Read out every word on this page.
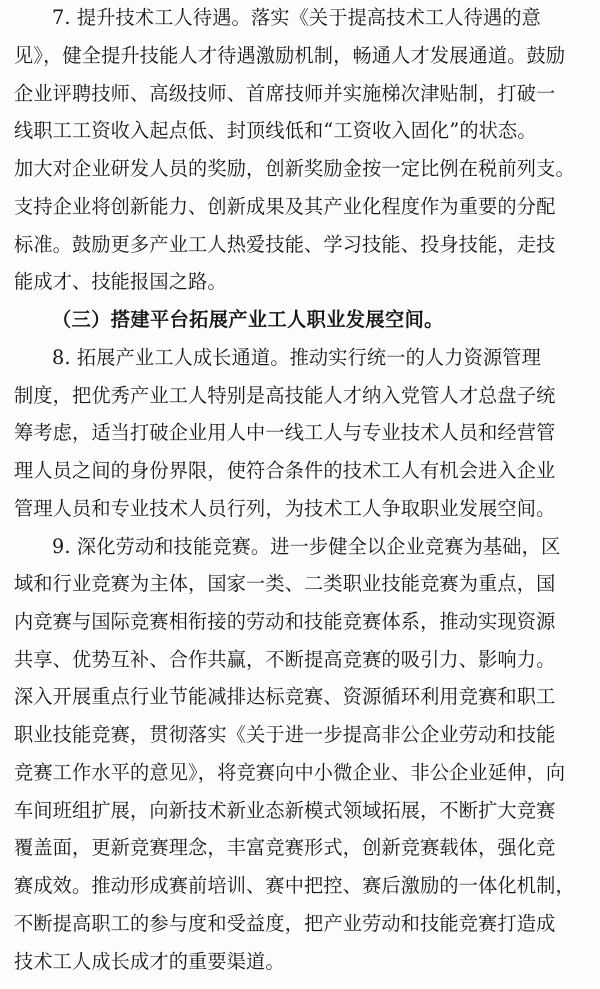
7. 提升技术工人待遇。落实《关于提高技术工人待遇的意
见》，健全提升技能人才待遇激励机制，畅通人才发展通道。鼓励
企业评聘技师、高级技师、首席技师并实施梯次津贴制，打破一
线职工工资收入起点低、封顶线低和“工资收入固化”的状态。
加大对企业研发人员的奖励，创新奖励金按一定比例在税前列支。
支持企业将创新能力、创新成果及其产业化程度作为重要的分配
标准。鼓励更多产业工人热爱技能、学习技能、投身技能，走技
能成才、技能报国之路。
（三）搭建平台拓展产业工人职业发展空间。
8. 拓展产业工人成长通道。推动实行统一的人力资源管理
制度，把优秀产业工人特别是高技能人才纳入党管人才总盘子统
筹考虑，适当打破企业用人中一线工人与专业技术人员和经营管
理人员之间的身份界限，使符合条件的技术工人有机会进入企业
管理人员和专业技术人员行列，为技术工人争取职业发展空间。
9. 深化劳动和技能竞赛。进一步健全以企业竞赛为基础，区
域和行业竞赛为主体，国家一类、二类职业技能竞赛为重点，国
内竞赛与国际竞赛相衔接的劳动和技能竞赛体系，推动实现资源
共享、优势互补、合作共赢，不断提高竞赛的吸引力、影响力。
深入开展重点行业节能减排达标竞赛、资源循环利用竞赛和职工
职业技能竞赛，贯彻落实《关于进一步提高非公企业劳动和技能
竞赛工作水平的意见》，将竞赛向中小微企业、非公企业延伸，向
车间班组扩展，向新技术新业态新模式领域拓展，不断扩大竞赛
覆盖面，更新竞赛理念，丰富竞赛形式，创新竞赛载体，强化竞
赛成效。推动形成赛前培训、赛中把控、赛后激励的一体化机制，
不断提高职工的参与度和受益度，把产业劳动和技能竞赛打造成
技术工人成长成才的重要渠道。
